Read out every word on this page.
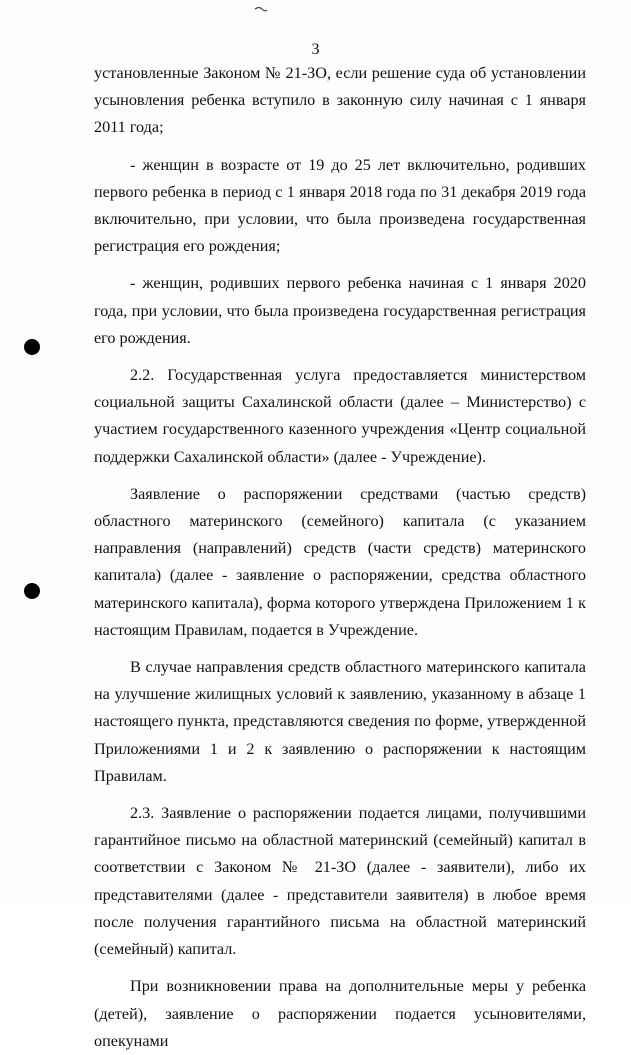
3

установленные Законом № 21-ЗО, если решение суда об установлении усыновления ребенка вступило в законную силу начиная с 1 января 2011 года;

- женщин в возрасте от 19 до 25 лет включительно, родивших первого ребенка в период с 1 января 2018 года по 31 декабря 2019 года включительно, при условии, что была произведена государственная регистрация его рождения;

- женщин, родивших первого ребенка начиная с 1 января 2020 года, при условии, что была произведена государственная регистрация его рождения.

2.2. Государственная услуга предоставляется министерством социальной защиты Сахалинской области (далее – Министерство) с участием государственного казенного учреждения «Центр социальной поддержки Сахалинской области» (далее - Учреждение).

Заявление о распоряжении средствами (частью средств) областного материнского (семейного) капитала (с указанием направления (направлений) средств (части средств) материнского капитала) (далее - заявление о распоряжении, средства областного материнского капитала), форма которого утверждена Приложением 1 к настоящим Правилам, подается в Учреждение.

В случае направления средств областного материнского капитала на улучшение жилищных условий к заявлению, указанному в абзаце 1 настоящего пункта, представляются сведения по форме, утвержденной Приложениями 1 и 2 к заявлению о распоряжении к настоящим Правилам.

2.3. Заявление о распоряжении подается лицами, получившими гарантийное письмо на областной материнский (семейный) капитал в соответствии с Законом № 21-ЗО (далее - заявители), либо их представителями (далее - представители заявителя) в любое время после получения гарантийного письма на областной материнский (семейный) капитал.

При возникновении права на дополнительные меры у ребенка (детей), заявление о распоряжении подается усыновителями, опекунами
